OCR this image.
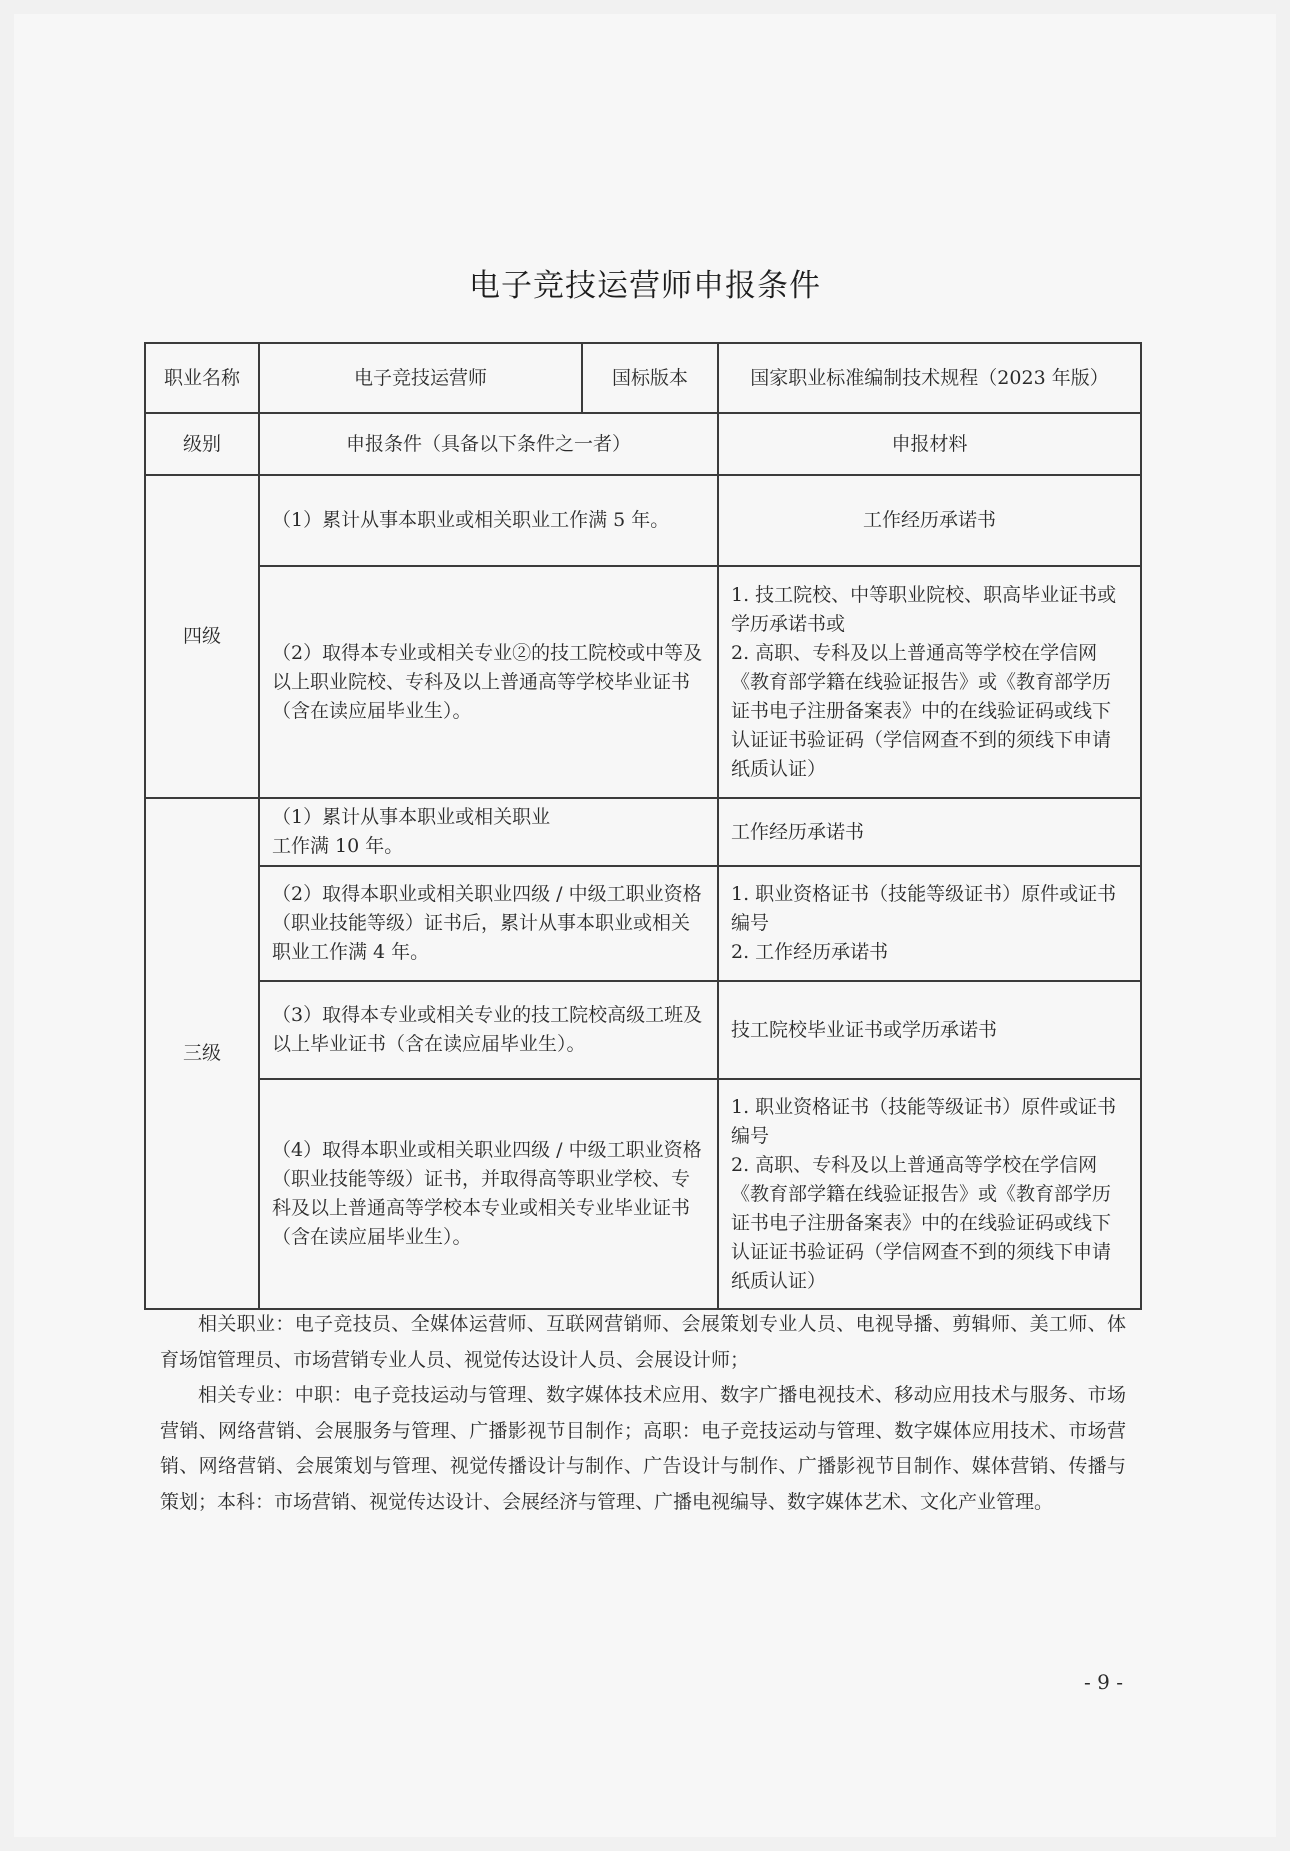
电子竞技运营师申报条件
职业名称	电子竞技运营师	国标版本	国家职业标准编制技术规程（2023 年版）
级别	申报条件（具备以下条件之一者）		申报材料
四级	（1）累计从事本职业或相关职业工作满 5 年。		工作经历承诺书
	（2）取得本专业或相关专业②的技工院校或中等及以上职业院校、专科及以上普通高等学校毕业证书（含在读应届毕业生）。		1. 技工院校、中等职业院校、职高毕业证书或学历承诺书或
2. 高职、专科及以上普通高等学校在学信网《教育部学籍在线验证报告》或《教育部学历证书电子注册备案表》中的在线验证码或线下认证证书验证码（学信网查不到的须线下申请纸质认证）
三级	（1）累计从事本职业或相关职业
工作满 10 年。		工作经历承诺书
	（2）取得本职业或相关职业四级 / 中级工职业资格（职业技能等级）证书后，累计从事本职业或相关职业工作满 4 年。		1. 职业资格证书（技能等级证书）原件或证书编号
2. 工作经历承诺书
	（3）取得本专业或相关专业的技工院校高级工班及以上毕业证书（含在读应届毕业生）。		技工院校毕业证书或学历承诺书
	（4）取得本职业或相关职业四级 / 中级工职业资格（职业技能等级）证书，并取得高等职业学校、专科及以上普通高等学校本专业或相关专业毕业证书（含在读应届毕业生）。		1. 职业资格证书（技能等级证书）原件或证书编号
2. 高职、专科及以上普通高等学校在学信网《教育部学籍在线验证报告》或《教育部学历证书电子注册备案表》中的在线验证码或线下认证证书验证码（学信网查不到的须线下申请纸质认证）

相关职业：电子竞技员、全媒体运营师、互联网营销师、会展策划专业人员、电视导播、剪辑师、美工师、体育场馆管理员、市场营销专业人员、视觉传达设计人员、会展设计师；

相关专业：中职：电子竞技运动与管理、数字媒体技术应用、数字广播电视技术、移动应用技术与服务、市场营销、网络营销、会展服务与管理、广播影视节目制作；高职：电子竞技运动与管理、数字媒体应用技术、市场营销、网络营销、会展策划与管理、视觉传播设计与制作、广告设计与制作、广播影视节目制作、媒体营销、传播与策划；本科：市场营销、视觉传达设计、会展经济与管理、广播电视编导、数字媒体艺术、文化产业管理。

- 9 -
